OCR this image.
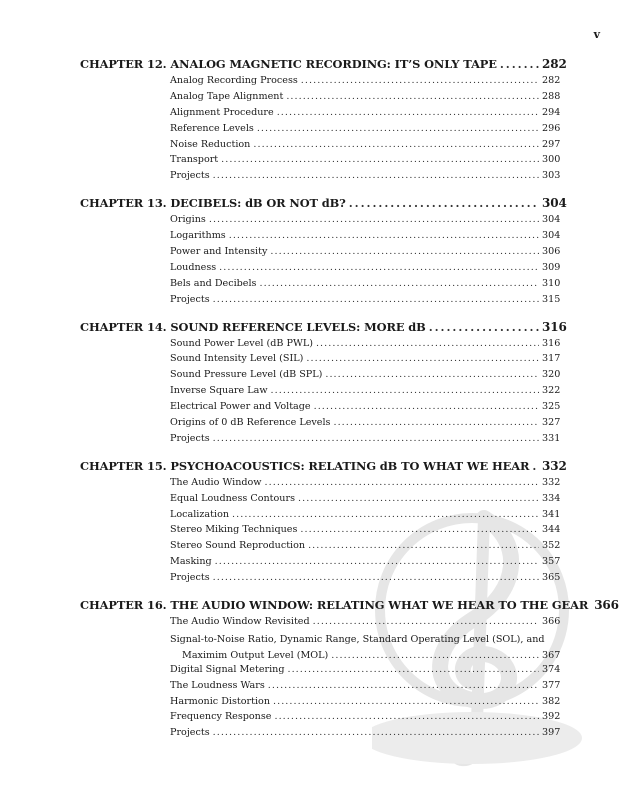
v
CHAPTER 12. ANALOG MAGNETIC RECORDING: IT’S ONLY TAPE . . .	282
Analog Recording Process . . .	282
Analog Tape Alignment . . .	288
Alignment Procedure . . .	294
Reference Levels . . .	296
Noise Reduction . . .	297
Transport . . .	300
Projects . . .	303
CHAPTER 13. DECIBELS: dB OR NOT dB? . . .	304
Origins . . .	304
Logarithms . . .	304
Power and Intensity . . .	306
Loudness . . .	309
Bels and Decibels . . .	310
Projects . . .	315
CHAPTER 14. SOUND REFERENCE LEVELS: MORE dB . . .	316
Sound Power Level (dB PWL) . . .	316
Sound Intensity Level (SIL) . . .	317
Sound Pressure Level (dB SPL) . . .	320
Inverse Square Law . . .	322
Electrical Power and Voltage . . .	325
Origins of 0 dB Reference Levels . . .	327
Projects . . .	331
CHAPTER 15. PSYCHOACOUSTICS: RELATING dB TO WHAT WE HEAR . . . 332
The Audio Window . . .	332
Equal Loudness Contours . . .	334
Localization . . .	341
Stereo Miking Techniques . . .	344
Stereo Sound Reproduction . . .	352
Masking . . .	357
Projects . . .	365
CHAPTER 16. THE AUDIO WINDOW: RELATING WHAT WE HEAR TO THE GEAR 366
The Audio Window Revisited . . .	366
Signal-to-Noise Ratio, Dynamic Range, Standard Operating Level (SOL), and
Maximim Output Level (MOL) . . .	367
Digital Signal Metering . . .	374
The Loudness Wars . . .	377
Harmonic Distortion . . .	382
Frequency Response . . .	392
Projects . . .	397
